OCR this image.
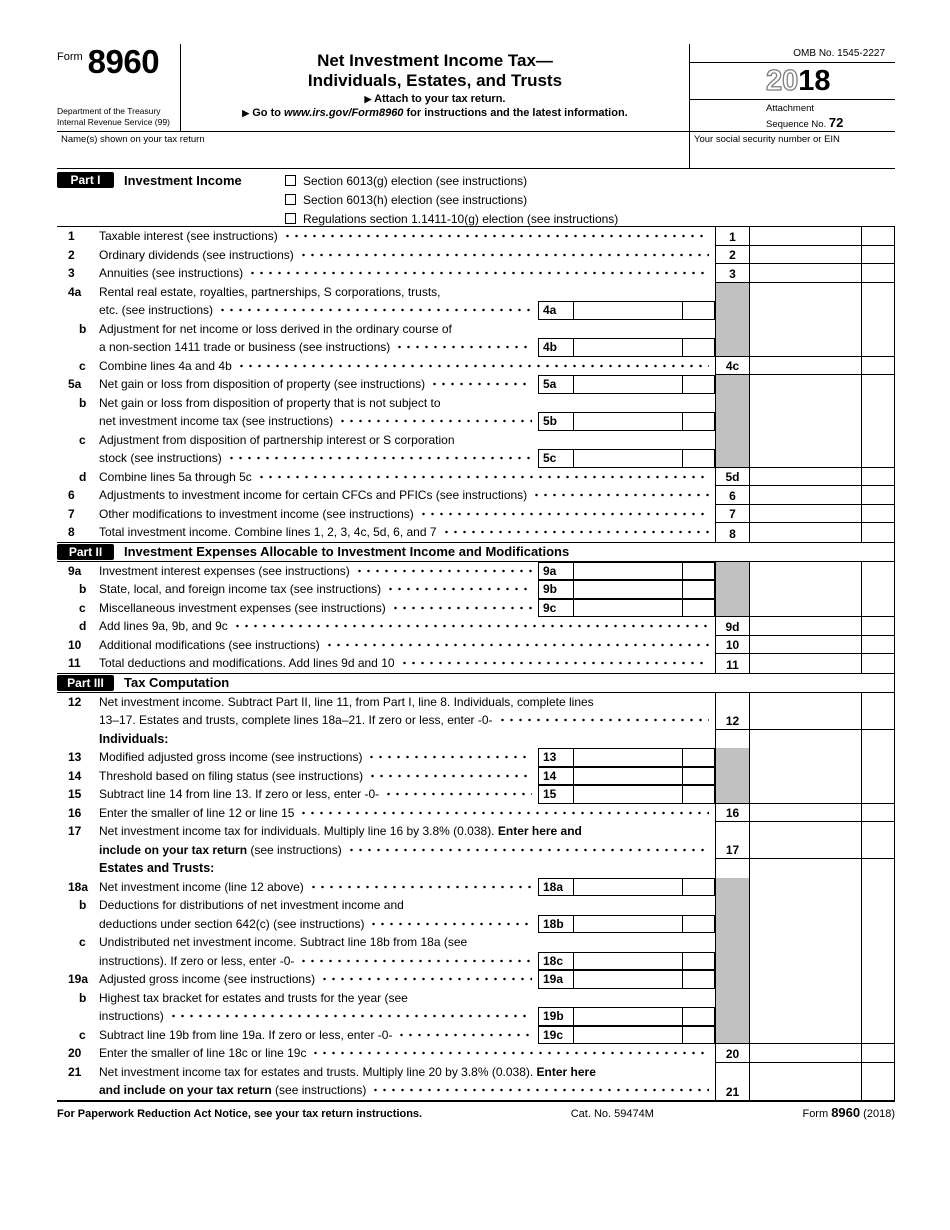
Form 8960
Department of the Treasury
Internal Revenue Service (99)
Net Investment Income Tax—
Individuals, Estates, and Trusts
▶ Attach to your tax return.
▶ Go to www.irs.gov/Form8960 for instructions and the latest information.
OMB No. 1545-2227
2018
Attachment
Sequence No. 72
Name(s) shown on your tax return	Your social security number or EIN
Part I	Investment Income	Section 6013(g) election (see instructions)
Section 6013(h) election (see instructions)
Regulations section 1.1411-10(g) election (see instructions)
1	Taxable interest (see instructions)	1
2	Ordinary dividends (see instructions)	2
3	Annuities (see instructions)	3
4a	Rental real estate, royalties, partnerships, S corporations, trusts,
etc. (see instructions)	4a
b	Adjustment for net income or loss derived in the ordinary course of
a non-section 1411 trade or business (see instructions)	4b
c	Combine lines 4a and 4b	4c
5a	Net gain or loss from disposition of property (see instructions)	5a
b	Net gain or loss from disposition of property that is not subject to
net investment income tax (see instructions)	5b
c	Adjustment from disposition of partnership interest or S corporation
stock (see instructions)	5c
d	Combine lines 5a through 5c	5d
6	Adjustments to investment income for certain CFCs and PFICs (see instructions)	6
7	Other modifications to investment income (see instructions)	7
8	Total investment income. Combine lines 1, 2, 3, 4c, 5d, 6, and 7	8
Part II	Investment Expenses Allocable to Investment Income and Modifications
9a	Investment interest expenses (see instructions)	9a
b	State, local, and foreign income tax (see instructions)	9b
c	Miscellaneous investment expenses (see instructions)	9c
d	Add lines 9a, 9b, and 9c	9d
10	Additional modifications (see instructions)	10
11	Total deductions and modifications. Add lines 9d and 10	11
Part III	Tax Computation
12	Net investment income. Subtract Part II, line 11, from Part I, line 8. Individuals, complete lines
13–17. Estates and trusts, complete lines 18a–21. If zero or less, enter -0-	12
Individuals:
13	Modified adjusted gross income (see instructions)	13
14	Threshold based on filing status (see instructions)	14
15	Subtract line 14 from line 13. If zero or less, enter -0-	15
16	Enter the smaller of line 12 or line 15	16
17	Net investment income tax for individuals. Multiply line 16 by 3.8% (0.038). Enter here and
include on your tax return (see instructions)	17
Estates and Trusts:
18a Net investment income (line 12 above)	18a
b	Deductions for distributions of net investment income and
deductions under section 642(c) (see instructions)	18b
c	Undistributed net investment income. Subtract line 18b from 18a (see
instructions). If zero or less, enter -0-	18c
19a Adjusted gross income (see instructions)	19a
b	Highest tax bracket for estates and trusts for the year (see
instructions)	19b
c	Subtract line 19b from line 19a. If zero or less, enter -0-	19c
20	Enter the smaller of line 18c or line 19c	20
21	Net investment income tax for estates and trusts. Multiply line 20 by 3.8% (0.038). Enter here
and include on your tax return (see instructions)	21
For Paperwork Reduction Act Notice, see your tax return instructions.	Cat. No. 59474M	Form 8960 (2018)
